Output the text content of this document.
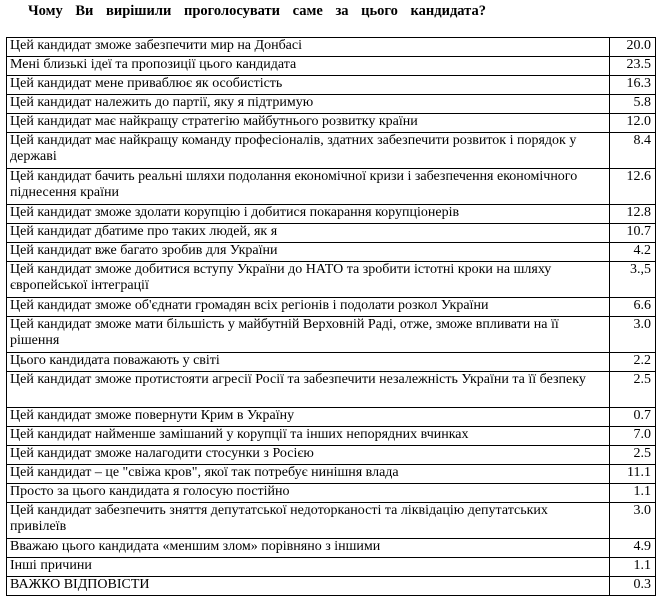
Чому Ви вирішили проголосувати саме за цього кандидата?
Цей кандидат зможе забезпечити мир на Донбасі	20.0
Мені близькі ідеї та пропозиції цього кандидата	23.5
Цей кандидат мене приваблює як особистість	16.3
Цей кандидат належить до партії, яку я підтримую	5.8
Цей кандидат має найкращу стратегію майбутнього розвитку країни	12.0
Цей кандидат має найкращу команду професіоналів, здатних забезпечити розвиток і порядок у державі	8.4
Цей кандидат бачить реальні шляхи подолання економічної кризи і забезпечення економічного піднесення країни	12.6
Цей кандидат зможе здолати корупцію і добитися покарання корупціонерів	12.8
Цей кандидат дбатиме про таких людей, як я	10.7
Цей кандидат вже багато зробив для України	4.2
Цей кандидат зможе добитися вступу України до НАТО та зробити істотні кроки на шляху європейської інтеграції	3.,5
Цей кандидат зможе об'єднати громадян всіх регіонів і подолати розкол України	6.6
Цей кандидат зможе мати більшість у майбутній Верховній Раді, отже, зможе впливати на її рішення	3.0
Цього кандидата поважають у світі	2.2
Цей кандидат зможе протистояти агресії Росії та забезпечити незалежність України та її безпеку	2.5
Цей кандидат зможе повернути Крим в Україну	0.7
Цей кандидат найменше замішаний у корупції та інших непорядних вчинках	7.0
Цей кандидат зможе налагодити стосунки з Росією	2.5
Цей кандидат – це "свіжа кров", якої так потребує нинішня влада	11.1
Просто за цього кандидата я голосую постійно	1.1
Цей кандидат забезпечить зняття депутатської недоторканості та ліквідацію депутатських привілеїв	3.0
Вважаю цього кандидата «меншим злом» порівняно з іншими	4.9
Інші причини	1.1
ВАЖКО ВІДПОВІСТИ	0.3
